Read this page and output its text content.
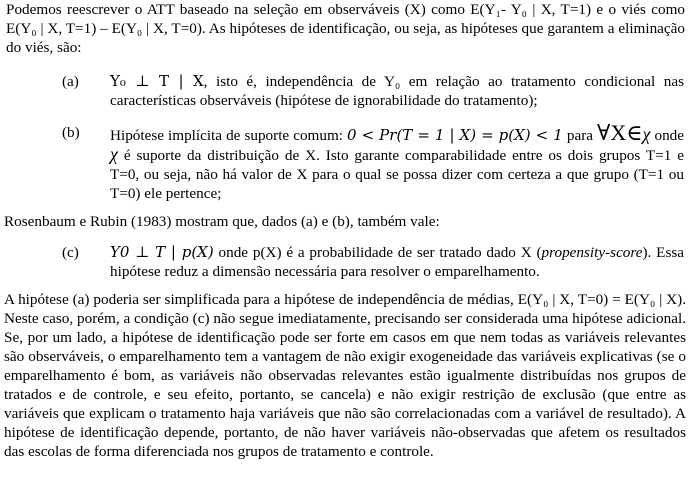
Podemos reescrever o ATT baseado na seleção em observáveis (X) como E(Y₁- Y₀ | X, T=1) e o viés como E(Y₀ | X, T=1) – E(Y₀ | X, T=0). As hipóteses de identificação, ou seja, as hipóteses que garantem a eliminação do viés, são:

(a) Y₀ ⊥ T | X, isto é, independência de Y₀ em relação ao tratamento condicional nas características observáveis (hipótese de ignorabilidade do tratamento);

(b) Hipótese implícita de suporte comum: 0 < Pr(T = 1 | X) = p(X) < 1 para ∀X∈χ onde χ é suporte da distribuição de X. Isto garante comparabilidade entre os dois grupos T=1 e T=0, ou seja, não há valor de X para o qual se possa dizer com certeza a que grupo (T=1 ou T=0) ele pertence;

Rosenbaum e Rubin (1983) mostram que, dados (a) e (b), também vale:

(c) Y0 ⊥ T | p(X) onde p(X) é a probabilidade de ser tratado dado X (propensity-score). Essa hipótese reduz a dimensão necessária para resolver o emparelhamento.

A hipótese (a) poderia ser simplificada para a hipótese de independência de médias, E(Y₀ | X, T=0) = E(Y₀ | X). Neste caso, porém, a condição (c) não segue imediatamente, precisando ser considerada uma hipótese adicional. Se, por um lado, a hipótese de identificação pode ser forte em casos em que nem todas as variáveis relevantes são observáveis, o emparelhamento tem a vantagem de não exigir exogeneidade das variáveis explicativas (se o emparelhamento é bom, as variáveis não observadas relevantes estão igualmente distribuídas nos grupos de tratados e de controle, e seu efeito, portanto, se cancela) e não exigir restrição de exclusão (que entre as variáveis que explicam o tratamento haja variáveis que não são correlacionadas com a variável de resultado). A hipótese de identificação depende, portanto, de não haver variáveis não-observadas que afetem os resultados das escolas de forma diferenciada nos grupos de tratamento e controle.
